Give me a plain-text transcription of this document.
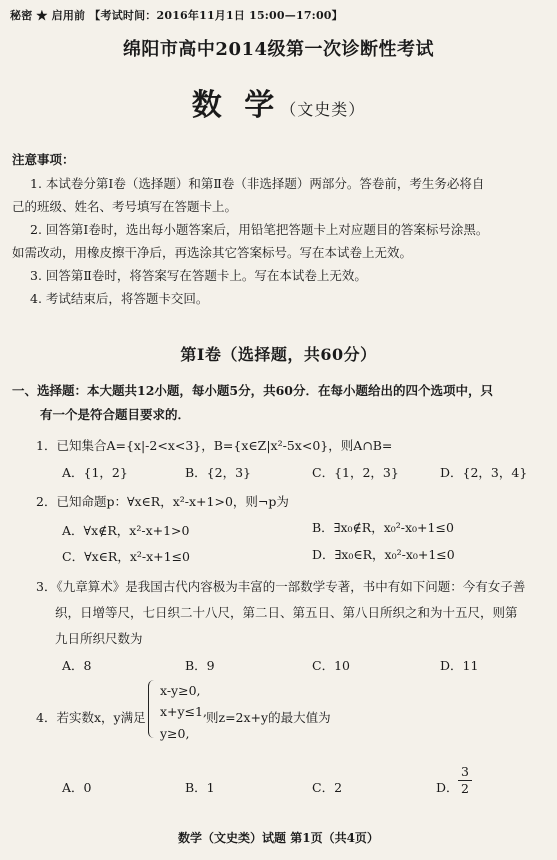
秘密 ★ 启用前 【考试时间：2016年11月1日 15:00—17:00】
绵阳市高中2014级第一次诊断性考试
数 学（文史类）
注意事项：
1. 本试卷分第Ⅰ卷（选择题）和第Ⅱ卷（非选择题）两部分。答卷前，考生务必将自
己的班级、姓名、考号填写在答题卡上。
2. 回答第Ⅰ卷时，选出每小题答案后，用铅笔把答题卡上对应题目的答案标号涂黑。
如需改动，用橡皮擦干净后，再选涂其它答案标号。写在本试卷上无效。
3. 回答第Ⅱ卷时，将答案写在答题卡上。写在本试卷上无效。
4. 考试结束后，将答题卡交回。
第Ⅰ卷（选择题，共60分）
一、选择题：本大题共12小题，每小题5分，共60分．在每小题给出的四个选项中，只
有一个是符合题目要求的．
1．已知集合A={x|-2<x<3}，B={x∈Z|x²-5x<0}，则A∩B=
A．{1，2}	B．{2，3}	C．{1，2，3}	D．{2，3，4}
2．已知命题p：∀x∈R，x²-x+1>0，则¬p为
A．∀x∉R，x²-x+1>0	B．∃x₀∉R，x₀²-x₀+1≤0
C．∀x∈R，x²-x+1≤0	D．∃x₀∈R，x₀²-x₀+1≤0
3．《九章算术》是我国古代内容极为丰富的一部数学专著，书中有如下问题：今有女子善
织，日增等尺，七日织二十八尺，第二日、第五日、第八日所织之和为十五尺，则第
九日所织尺数为
A．8	B．9	C．10	D．11
4．若实数x，y满足
x-y≥0,
x+y≤1,
y≥0,
则z=2x+y的最大值为
A．0	B．1	C．2	D．
3
2
数学（文史类）试题 第1页（共4页）
